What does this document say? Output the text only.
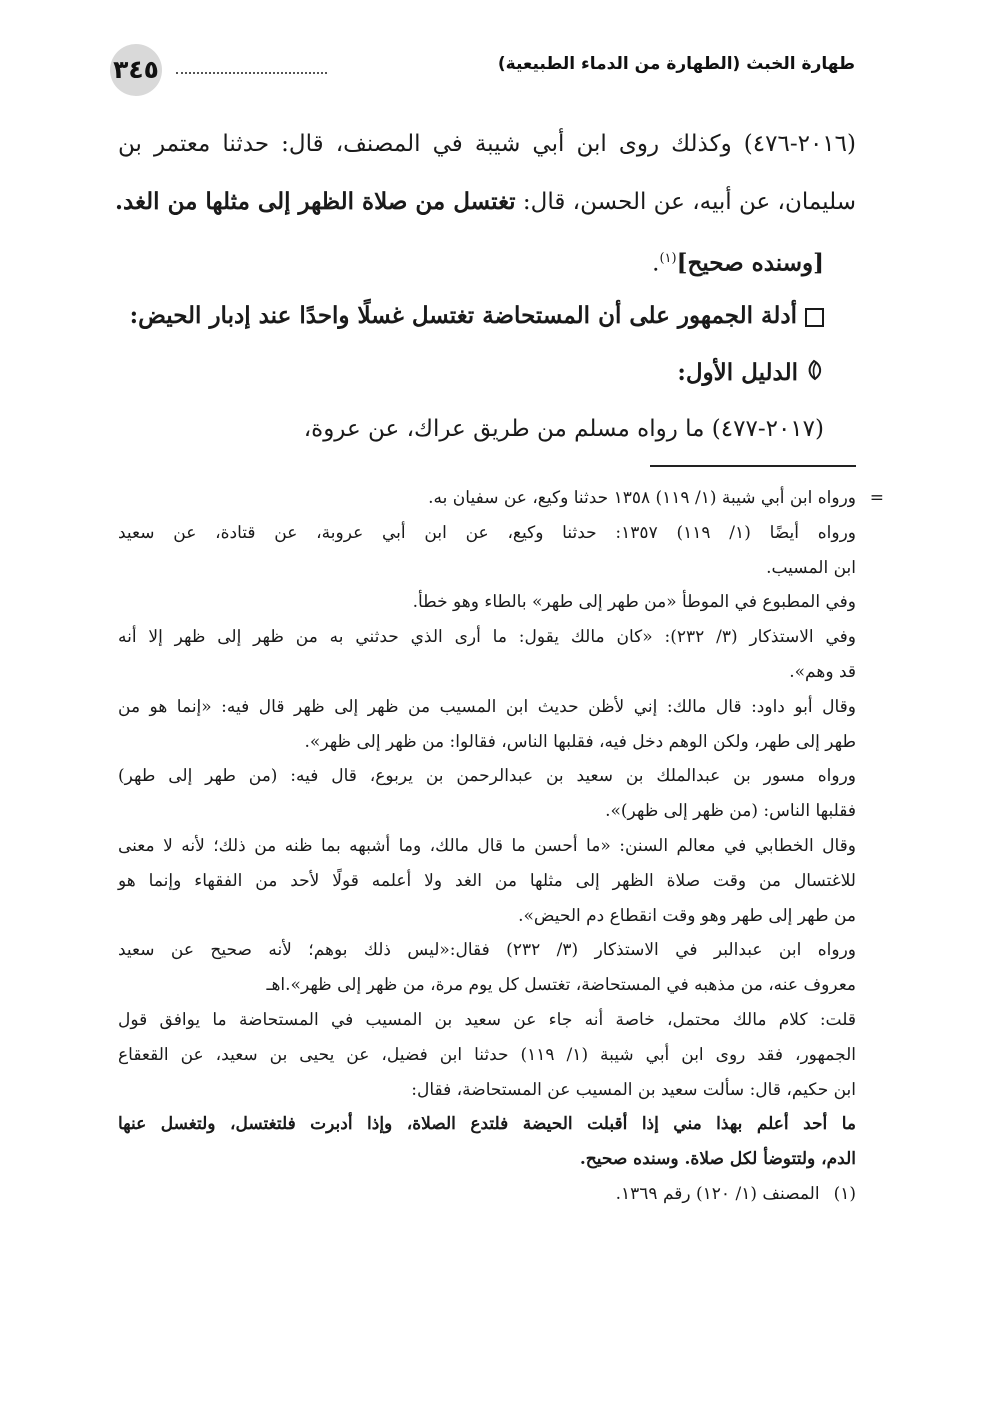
٣٤٥	طهارة الخبث (الطهارة من الدماء الطبيعية)
(٢٠١٦-٤٧٦) وكذلك روى ابن أبي شيبة في المصنف، قال: حدثنا معتمر بن
سليمان، عن أبيه، عن الحسن، قال: تغتسل من صلاة الظهر إلى مثلها من الغد.
[وسنده صحيح]$^{(١)}$.
أدلة الجمهور على أن المستحاضة تغتسل غسلًا واحدًا عند إدبار الحيض:
الدليل الأول:
(٢٠١٧-٤٧٧) ما رواه مسلم من طريق عراك، عن عروة،
=
ورواه ابن أبي شيبة (١/ ١١٩) ١٣٥٨ حدثنا وكيع، عن سفيان به.
ورواه أيضًا (١/ ١١٩) ١٣٥٧: حدثنا وكيع، عن ابن أبي عروبة، عن قتادة، عن سعيد
ابن المسيب.
وفي المطبوع في الموطأ «من طهر إلى طهر» بالطاء وهو خطأ.
وفي الاستذكار (٣/ ٢٣٢): «كان مالك يقول: ما أرى الذي حدثني به من ظهر إلى ظهر إلا أنه
قد وهم».
وقال أبو داود: قال مالك: إني لأظن حديث ابن المسيب من ظهر إلى ظهر قال فيه: «إنما هو من
طهر إلى طهر، ولكن الوهم دخل فيه، فقلبها الناس، فقالوا: من ظهر إلى ظهر».
ورواه مسور بن عبدالملك بن سعيد بن عبدالرحمن بن يربوع، قال فيه: (من طهر إلى طهر)
فقلبها الناس: (من ظهر إلى ظهر)».
وقال الخطابي في معالم السنن: «ما أحسن ما قال مالك، وما أشبهه بما ظنه من ذلك؛ لأنه لا معنى
للاغتسال من وقت صلاة الظهر إلى مثلها من الغد ولا أعلمه قولًا لأحد من الفقهاء وإنما هو
من طهر إلى طهر وهو وقت انقطاع دم الحيض».
ورواه ابن عبدالبر في الاستذكار (٣/ ٢٣٢) فقال:«ليس ذلك بوهم؛ لأنه صحيح عن سعيد
معروف عنه، من مذهبه في المستحاضة، تغتسل كل يوم مرة، من ظهر إلى ظهر».اهـ
قلت: كلام مالك محتمل، خاصة أنه جاء عن سعيد بن المسيب في المستحاضة ما يوافق قول
الجمهور، فقد روى ابن أبي شيبة (١/ ١١٩) حدثنا ابن فضيل، عن يحيى بن سعيد، عن القعقاع
ابن حكيم، قال: سألت سعيد بن المسيب عن المستحاضة، فقال:
ما أحد أعلم بهذا مني إذا أقبلت الحيضة فلتدع الصلاة، وإذا أدبرت فلتغتسل، ولتغسل عنها
الدم، ولتتوضأ لكل صلاة. وسنده صحيح.
(١)المصنف (١/ ١٢٠) رقم ١٣٦٩.
